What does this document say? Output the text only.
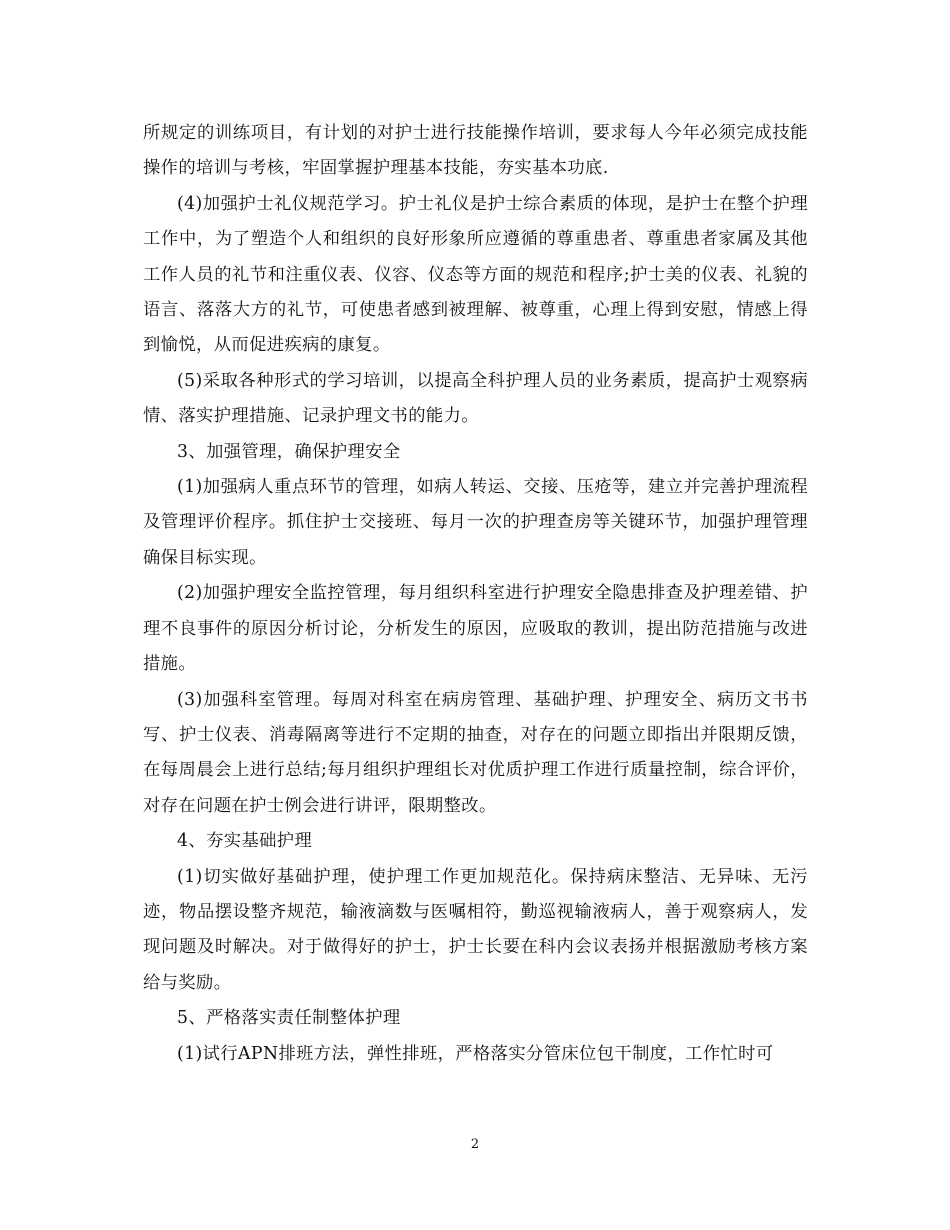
所规定的训练项目，有计划的对护士进行技能操作培训，要求每人今年必须完成技能操作的培训与考核，牢固掌握护理基本技能，夯实基本功底.

(4)加强护士礼仪规范学习。护士礼仪是护士综合素质的体现，是护士在整个护理工作中，为了塑造个人和组织的良好形象所应遵循的尊重患者、尊重患者家属及其他工作人员的礼节和注重仪表、仪容、仪态等方面的规范和程序;护士美的仪表、礼貌的语言、落落大方的礼节，可使患者感到被理解、被尊重，心理上得到安慰，情感上得到愉悦，从而促进疾病的康复。

(5)采取各种形式的学习培训，以提高全科护理人员的业务素质，提高护士观察病情、落实护理措施、记录护理文书的能力。

3、加强管理，确保护理安全

(1)加强病人重点环节的管理，如病人转运、交接、压疮等，建立并完善护理流程及管理评价程序。抓住护士交接班、每月一次的护理查房等关键环节，加强护理管理确保目标实现。

(2)加强护理安全监控管理，每月组织科室进行护理安全隐患排查及护理差错、护理不良事件的原因分析讨论，分析发生的原因，应吸取的教训，提出防范措施与改进措施。

(3)加强科室管理。每周对科室在病房管理、基础护理、护理安全、病历文书书写、护士仪表、消毒隔离等进行不定期的抽查，对存在的问题立即指出并限期反馈，在每周晨会上进行总结;每月组织护理组长对优质护理工作进行质量控制，综合评价，对存在问题在护士例会进行讲评，限期整改。

4、夯实基础护理

(1)切实做好基础护理，使护理工作更加规范化。保持病床整洁、无异味、无污迹，物品摆设整齐规范，输液滴数与医嘱相符，勤巡视输液病人，善于观察病人，发现问题及时解决。对于做得好的护士，护士长要在科内会议表扬并根据激励考核方案给与奖励。

5、严格落实责任制整体护理

(1)试行APN排班方法，弹性排班，严格落实分管床位包干制度，工作忙时可

2
